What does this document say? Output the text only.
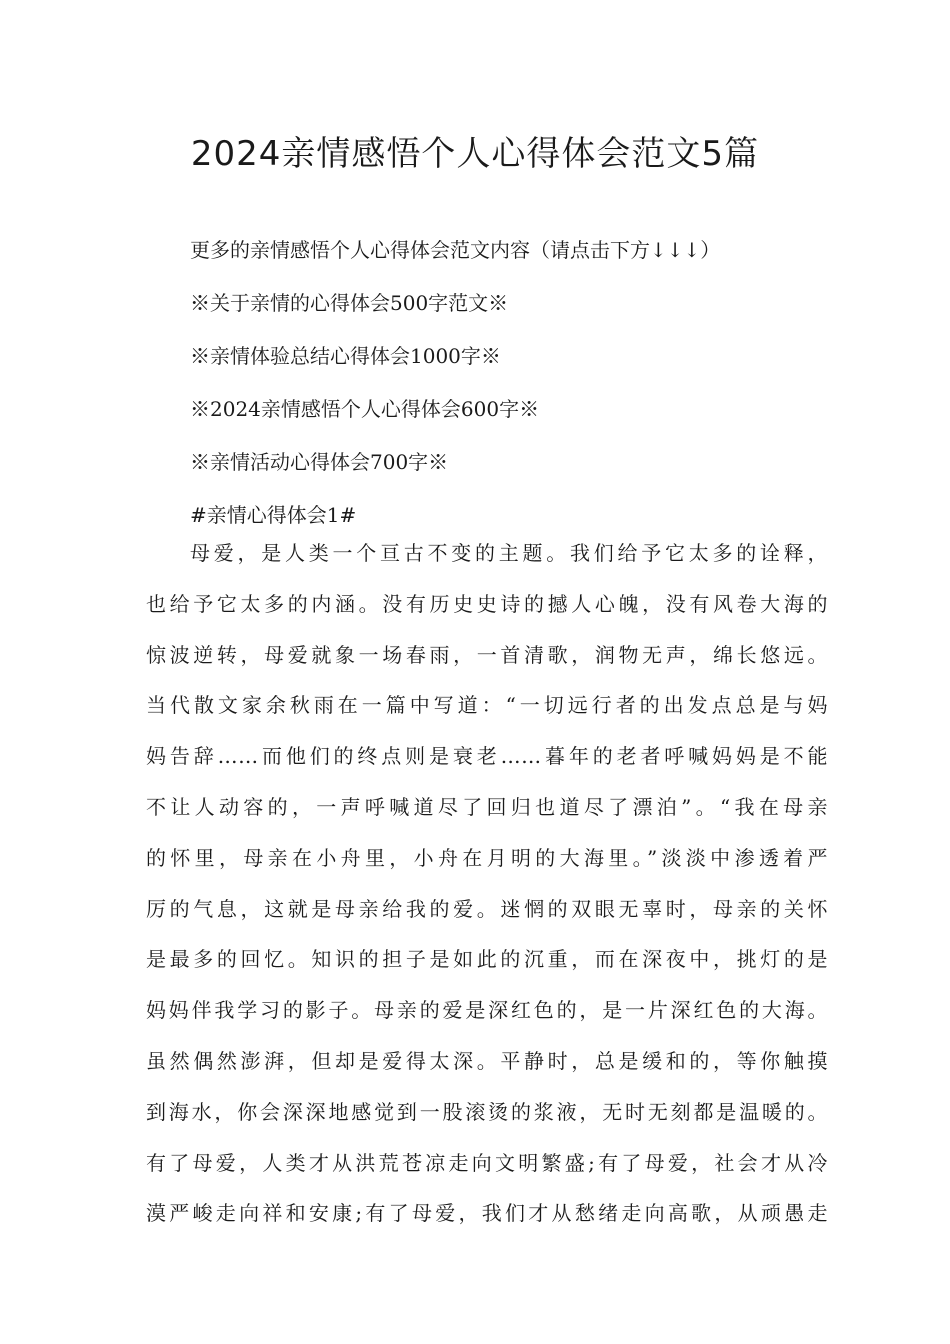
2024亲情感悟个人心得体会范文5篇
更多的亲情感悟个人心得体会范文内容（请点击下方↓↓↓）
※关于亲情的心得体会500字范文※
※亲情体验总结心得体会1000字※
※2024亲情感悟个人心得体会600字※
※亲情活动心得体会700字※
#亲情心得体会1#
母爱，是人类一个亘古不变的主题。我们给予它太多的诠释，
也给予它太多的内涵。没有历史史诗的撼人心魄，没有风卷大海的
惊波逆转，母爱就象一场春雨，一首清歌，润物无声，绵长悠远。
当代散文家余秋雨在一篇中写道：“一切远行者的出发点总是与妈
妈告辞……而他们的终点则是衰老……暮年的老者呼喊妈妈是不能
不让人动容的，一声呼喊道尽了回归也道尽了漂泊”。“我在母亲
的怀里，母亲在小舟里，小舟在月明的大海里。”淡淡中渗透着严
厉的气息，这就是母亲给我的爱。迷惘的双眼无辜时，母亲的关怀
是最多的回忆。知识的担子是如此的沉重，而在深夜中，挑灯的是
妈妈伴我学习的影子。母亲的爱是深红色的，是一片深红色的大海。
虽然偶然澎湃，但却是爱得太深。平静时，总是缓和的，等你触摸
到海水，你会深深地感觉到一股滚烫的浆液，无时无刻都是温暖的。
有了母爱，人类才从洪荒苍凉走向文明繁盛;有了母爱，社会才从冷
漠严峻走向祥和安康;有了母爱，我们才从愁绪走向高歌，从顽愚走
